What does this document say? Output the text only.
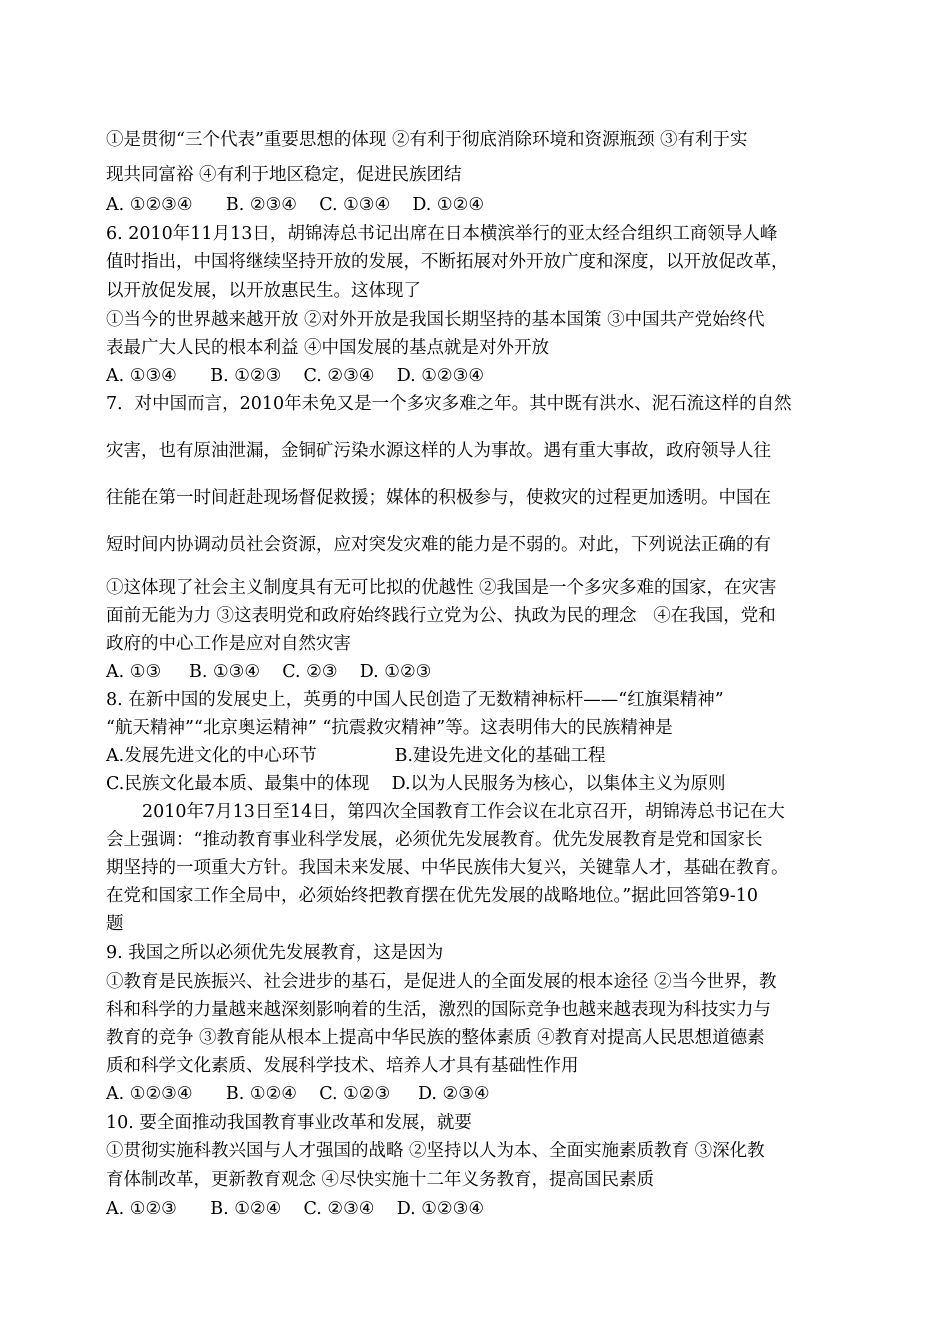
①是贯彻“三个代表”重要思想的体现 ②有利于彻底消除环境和资源瓶颈 ③有利于实
现共同富裕 ④有利于地区稳定，促进民族团结
A. ①②③④      B. ②③④    C. ①③④    D. ①②④
6. 2010年11月13日，胡锦涛总书记出席在日本横滨举行的亚太经合组织工商领导人峰
值时指出，中国将继续坚持开放的发展，不断拓展对外开放广度和深度，以开放促改革，
以开放促发展，以开放惠民生。这体现了
①当今的世界越来越开放 ②对外开放是我国长期坚持的基本国策 ③中国共产党始终代
表最广大人民的根本利益 ④中国发展的基点就是对外开放
A. ①③④      B. ①②③    C. ②③④    D. ①②③④
7．对中国而言，2010年未免又是一个多灾多难之年。其中既有洪水、泥石流这样的自然
灾害，也有原油泄漏，金铜矿污染水源这样的人为事故。遇有重大事故，政府领导人往
往能在第一时间赶赴现场督促救援；媒体的积极参与，使救灾的过程更加透明。中国在
短时间内协调动员社会资源，应对突发灾难的能力是不弱的。对此，下列说法正确的有
①这体现了社会主义制度具有无可比拟的优越性 ②我国是一个多灾多难的国家，在灾害
面前无能为力 ③这表明党和政府始终践行立党为公、执政为民的理念   ④在我国，党和
政府的中心工作是应对自然灾害
A. ①③     B. ①③④    C. ②③    D. ①②③
8. 在新中国的发展史上，英勇的中国人民创造了无数精神标杆——“红旗渠精神”
“航天精神”“北京奥运精神” “抗震救灾精神”等。这表明伟大的民族精神是
A.发展先进文化的中心环节              B.建设先进文化的基础工程
C.民族文化最本质、最集中的体现    D.以为人民服务为核心，以集体主义为原则
2010年7月13日至14日，第四次全国教育工作会议在北京召开，胡锦涛总书记在大
会上强调：“推动教育事业科学发展，必须优先发展教育。优先发展教育是党和国家长
期坚持的一项重大方针。我国未来发展、中华民族伟大复兴，关键靠人才，基础在教育。
在党和国家工作全局中，必须始终把教育摆在优先发展的战略地位。”据此回答第9-10
题
9. 我国之所以必须优先发展教育，这是因为
①教育是民族振兴、社会进步的基石，是促进人的全面发展的根本途径 ②当今世界，教
科和科学的力量越来越深刻影响着的生活，激烈的国际竞争也越来越表现为科技实力与
教育的竞争 ③教育能从根本上提高中华民族的整体素质 ④教育对提高人民思想道德素
质和科学文化素质、发展科学技术、培养人才具有基础性作用
A. ①②③④      B. ①②④    C. ①②③     D. ②③④
10. 要全面推动我国教育事业改革和发展，就要
①贯彻实施科教兴国与人才强国的战略 ②坚持以人为本、全面实施素质教育 ③深化教
育体制改革，更新教育观念 ④尽快实施十二年义务教育，提高国民素质
A. ①②③      B. ①②④    C. ②③④    D. ①②③④
